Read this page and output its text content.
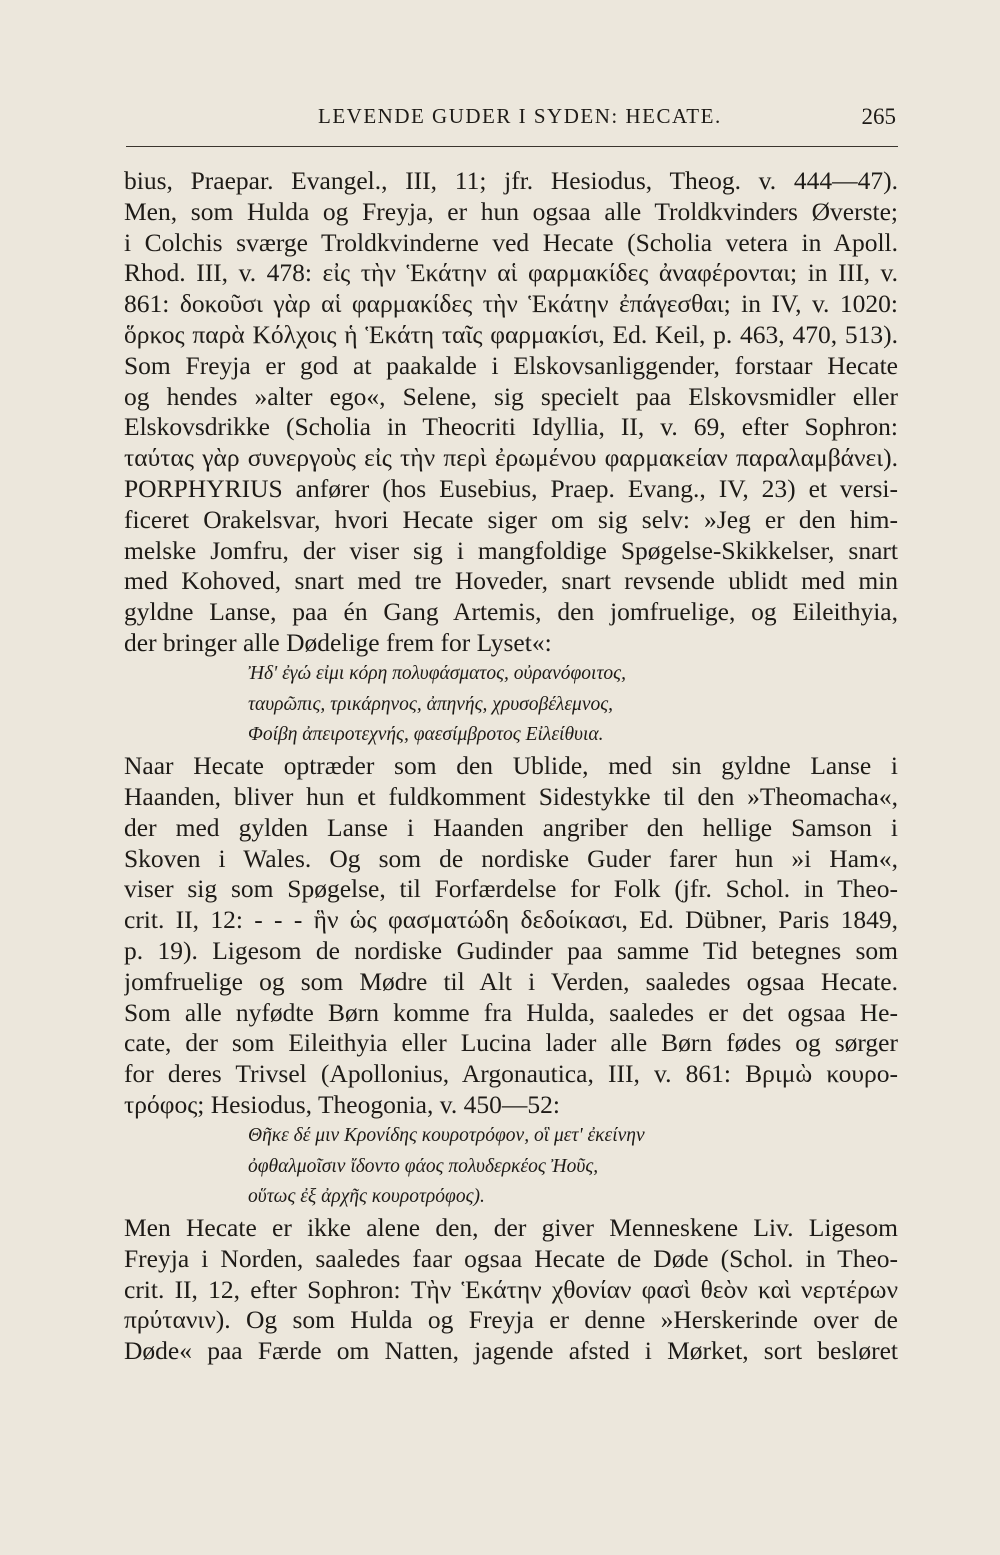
LEVENDE GUDER I SYDEN: HECATE.	265
bius, Praepar. Evangel., III, 11; jfr. Hesiodus, Theog. v. 444—47).
Men, som Hulda og Freyja, er hun ogsaa alle Troldkvinders Øverste;
i Colchis sværge Troldkvinderne ved Hecate (Scholia vetera in Apoll.
Rhod. III, v. 478: εἰς τὴν Ἑκάτην αἱ φαρμακίδες ἀναφέρονται; in III, v.
861: δοκοῦσι γὰρ αἱ φαρμακίδες τὴν Ἑκάτην ἐπάγεσθαι; in IV, v. 1020:
ὅρκος παρὰ Κόλχοις ἡ Ἑκάτη ταῖς φαρμακίσι, Ed. Keil, p. 463, 470, 513).
Som Freyja er god at paakalde i Elskovsanliggender, forstaar Hecate
og hendes »alter ego«, Selene, sig specielt paa Elskovsmidler eller
Elskovsdrikke (Scholia in Theocriti Idyllia, II, v. 69, efter Sophron:
ταύτας γὰρ συνεργοὺς εἰς τὴν περὶ ἐρωμένου φαρμακείαν παραλαμβάνει).
PORPHYRIUS anfører (hos Eusebius, Praep. Evang., IV, 23) et versi-
ficeret Orakelsvar, hvori Hecate siger om sig selv: »Jeg er den him-
melske Jomfru, der viser sig i mangfoldige Spøgelse-Skikkelser, snart
med Kohoved, snart med tre Hoveder, snart revsende ublidt med min
gyldne Lanse, paa én Gang Artemis, den jomfruelige, og Eileithyia,
der bringer alle Dødelige frem for Lyset«:
Ἠδ' ἐγώ εἰμι κόρη πολυφάσματος, οὐρανόφοιτος,
ταυρῶπις, τρικάρηνος, ἀπηνής, χρυσοβέλεμνος,
Φοίβη ἀπειροτεχνής, φαεσίμβροτος Εἰλείθυια.
Naar Hecate optræder som den Ublide, med sin gyldne Lanse i
Haanden, bliver hun et fuldkomment Sidestykke til den »Theomacha«,
der med gylden Lanse i Haanden angriber den hellige Samson i
Skoven i Wales. Og som de nordiske Guder farer hun »i Ham«,
viser sig som Spøgelse, til Forfærdelse for Folk (jfr. Schol. in Theo-
crit. II, 12: - - - ἣν ὡς φασματώδη δεδοίκασι, Ed. Dübner, Paris 1849,
p. 19). Ligesom de nordiske Gudinder paa samme Tid betegnes som
jomfruelige og som Mødre til Alt i Verden, saaledes ogsaa Hecate.
Som alle nyfødte Børn komme fra Hulda, saaledes er det ogsaa He-
cate, der som Eileithyia eller Lucina lader alle Børn fødes og sørger
for deres Trivsel (Apollonius, Argonautica, III, v. 861: Βριμὼ κουρο-
τρόφος; Hesiodus, Theogonia, v. 450—52:
Θῆκε δέ μιν Κρονίδης κουροτρόφον, οἳ μετ' ἐκείνην
ὀφθαλμοῖσιν ἴδοντο φάος πολυδερκέος Ἠοῦς,
οὕτως ἐξ ἀρχῆς κουροτρόφος).
Men Hecate er ikke alene den, der giver Menneskene Liv. Ligesom
Freyja i Norden, saaledes faar ogsaa Hecate de Døde (Schol. in Theo-
crit. II, 12, efter Sophron: Τὴν Ἑκάτην χθονίαν φασὶ θεὸν καὶ νερτέρων
πρύτανιν). Og som Hulda og Freyja er denne »Herskerinde over de
Døde« paa Færde om Natten, jagende afsted i Mørket, sort besløret
